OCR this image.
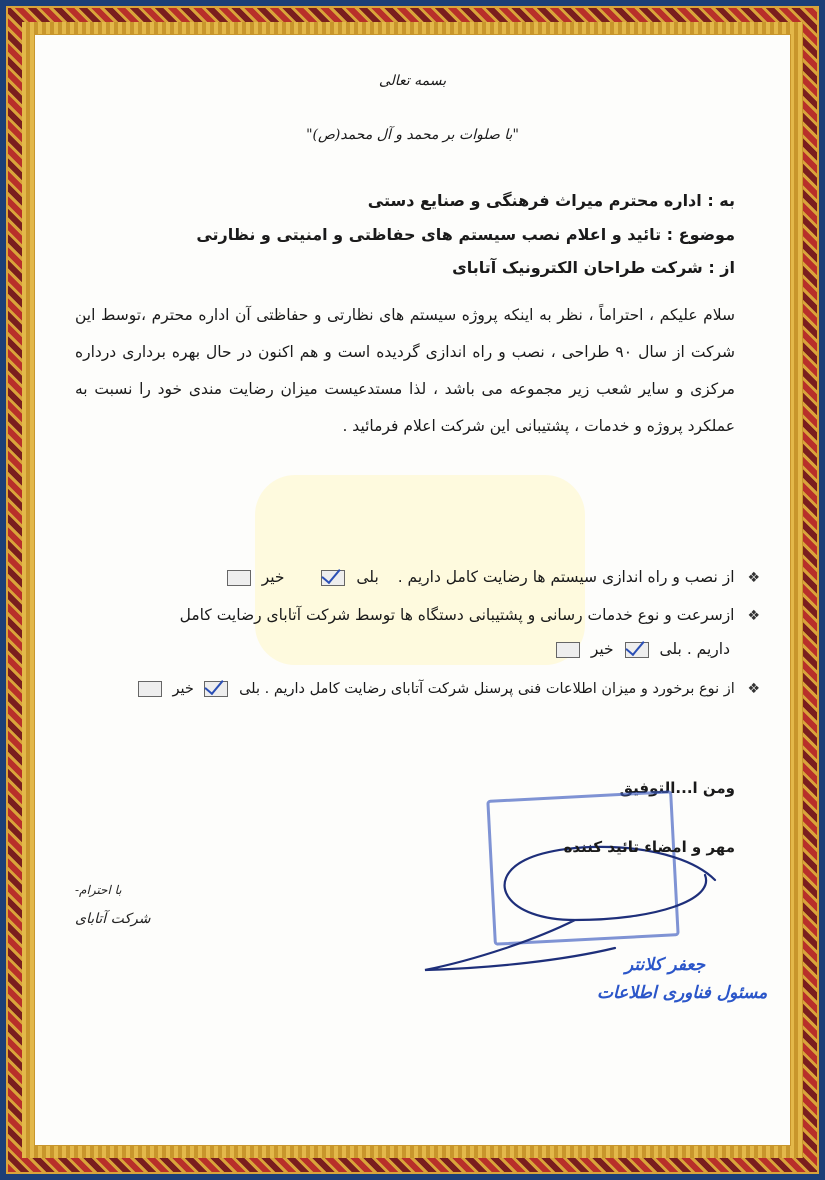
بسمه تعالی
"با صلوات بر محمد و آل محمد(ص)"
به : اداره محترم میراث فرهنگی و صنایع دستی
موضوع : تائید و اعلام نصب سیستم های حفاظتی و امنیتی و نظارتی
از : شرکت طراحان الکترونیک آتابای

سلام علیکم ، احتراماً ، نظر به اینکه پروژه سیستم های نظارتی و حفاظتی آن اداره محترم ،توسط این شرکت از سال ۹۰ طراحی ، نصب و راه اندازی گردیده است و هم اکنون در حال بهره برداری درداره مرکزی و سایر شعب زیر مجموعه می باشد ، لذا مستدعیست میزان رضایت مندی خود را نسبت به عملکرد پروژه و خدمات ، پشتیبانی این شرکت اعلام فرمائید .

❖ از نصب و راه اندازی سیستم ها رضایت کامل داریم . بلی  خیر
❖ ازسرعت و نوع خدمات رسانی و پشتیبانی دستگاه ها توسط شرکت آتابای رضایت کامل
داریم . بلی  خیر
❖ از نوع برخورد و میزان اطلاعات فنی پرسنل شرکت آتابای رضایت کامل داریم . بلی  خیر
ومن ا...التوفیق
مهر و امضاء تائید کننده
با احترام-
شرکت آتابای
جعفر کلانتر
مسئول فناوری اطلاعات
